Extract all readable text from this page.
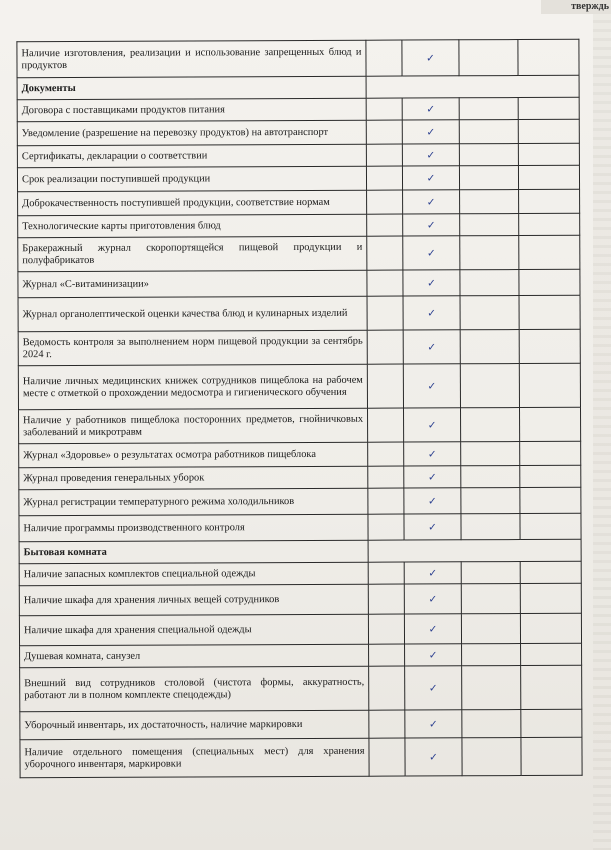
тверждь
Наличие изготовления, реализации и использование запрещенных блюд и продуктов		✓		
Документы				
Договора с поставщиками продуктов питания		✓		
Уведомление (разрешение на перевозку продуктов) на автотранспорт		✓		
Сертификаты, декларации о соответствии		✓		
Срок реализации поступившей продукции		✓		
Доброкачественность поступившей продукции, соответствие нормам		✓		
Технологические карты приготовления блюд		✓		
Бракеражный журнал скоропортящейся пищевой продукции и полуфабрикатов		✓		
Журнал «С-витаминизации»		✓		
Журнал органолептической оценки качества блюд и кулинарных изделий		✓		
Ведомость контроля за выполнением норм пищевой продукции за сентябрь 2024 г.		✓		
Наличие личных медицинских книжек сотрудников пищеблока на рабочем месте с отметкой о прохождении медосмотра и гигиенического обучения		✓		
Наличие у работников пищеблока посторонних предметов, гнойничковых заболеваний и микротравм		✓		
Журнал «Здоровье» о результатах осмотра работников пищеблока		✓		
Журнал проведения генеральных уборок		✓		
Журнал регистрации температурного режима холодильников		✓		
Наличие программы производственного контроля		✓		
Бытовая комната				
Наличие запасных комплектов специальной одежды		✓		
Наличие шкафа для хранения личных вещей сотрудников		✓		
Наличие шкафа для хранения специальной одежды		✓		
Душевая комната, санузел		✓		
Внешний вид сотрудников столовой (чистота формы, аккуратность, работают ли в полном комплекте спецодежды)		✓		
Уборочный инвентарь, их достаточность, наличие маркировки		✓		
Наличие отдельного помещения (специальных мест) для хранения уборочного инвентаря, маркировки		✓		
